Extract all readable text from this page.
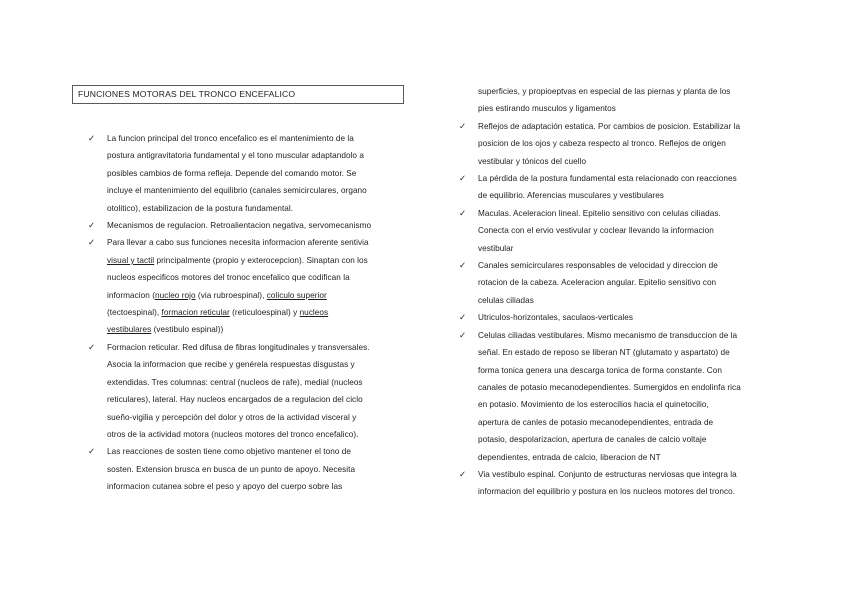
FUNCIONES MOTORAS DEL TRONCO ENCEFALICO
✓ La funcion principal del tronco encefalico es el mantenimiento de la
postura antigravitatoria fundamental y el tono muscular adaptandolo a
posibles cambios de forma refleja. Depende del comando motor. Se
incluye el mantenimiento del equilibrio (canales semicirculares, organo
otolitico), estabilizacion de la postura fundamental.
✓ Mecanismos de regulacion. Retroalientacion negativa, servomecanismo
✓ Para llevar a cabo sus funciones necesita informacion aferente sentivia
visual y tactil principalmente (propio y exterocepcion). Sinaptan con los
nucleos especificos motores del tronoc encefalico que codifican la
informacion (nucleo rojo (via rubroespinal), coliculo superior
(tectoespinal), formacion reticular (reticuloespinal) y nucleos
vestibulares (vestibulo espinal))
✓ Formacion reticular. Red difusa de fibras longitudinales y transversales.
Asocia la informacion que recibe y genérela respuestas disgustas y
extendidas. Tres columnas: central (nucleos de rafe), medial (nucleos
reticulares), lateral. Hay nucleos encargados de a regulacion del ciclo
sueño-vigilia y percepción del dolor y otros de la actividad visceral y
otros de la actividad motora (nucleos motores del tronco encefalico).
✓ Las reacciones de sosten tiene como objetivo mantener el tono de
sosten. Extension brusca en busca de un punto de apoyo. Necesita
informacion cutanea sobre el peso y apoyo del cuerpo sobre las
superficies, y propioeptvas en especial de las piernas y planta de los
pies estirando musculos y ligamentos
✓ Reflejos de adaptación estatica. Por cambios de posicion. Estabilizar la
posicion de los ojos y cabeza respecto al tronco. Reflejos de origen
vestibular y tónicos del cuello
✓ La pérdida de la postura fundamental esta relacionado con reacciones
de equilibrio. Aferencias musculares y vestibulares
✓ Maculas. Aceleracion lineal. Epitelio sensitivo con celulas ciliadas.
Conecta con el ervio vestivular y coclear llevando la informacion
vestibular
✓ Canales semicirculares responsables de velocidad y direccion de
rotacion de la cabeza. Aceleracion angular. Epitelio sensitivo con
celulas ciliadas
✓ Utriculos-horizontales, saculaos-verticales
✓ Celulas ciliadas vestibulares. Mismo mecanismo de transduccion de la
señal. En estado de reposo se liberan NT (glutamato y aspartato) de
forma tonica genera una descarga tonica de forma constante. Con
canales de potasio mecanodependientes. Sumergidos en endolinfa rica
en potasio. Movimiento de los esterocilios hacia el quinetocilio,
apertura de canles de potasio mecanodependientes, entrada de
potasio, despolarizacion, apertura de canales de calcio voltaje
dependientes, entrada de calcio, liberacion de NT
✓ Via vestibulo espinal. Conjunto de estructuras nerviosas que integra la
informacion del equilibrio y postura en los nucleos motores del tronco.
